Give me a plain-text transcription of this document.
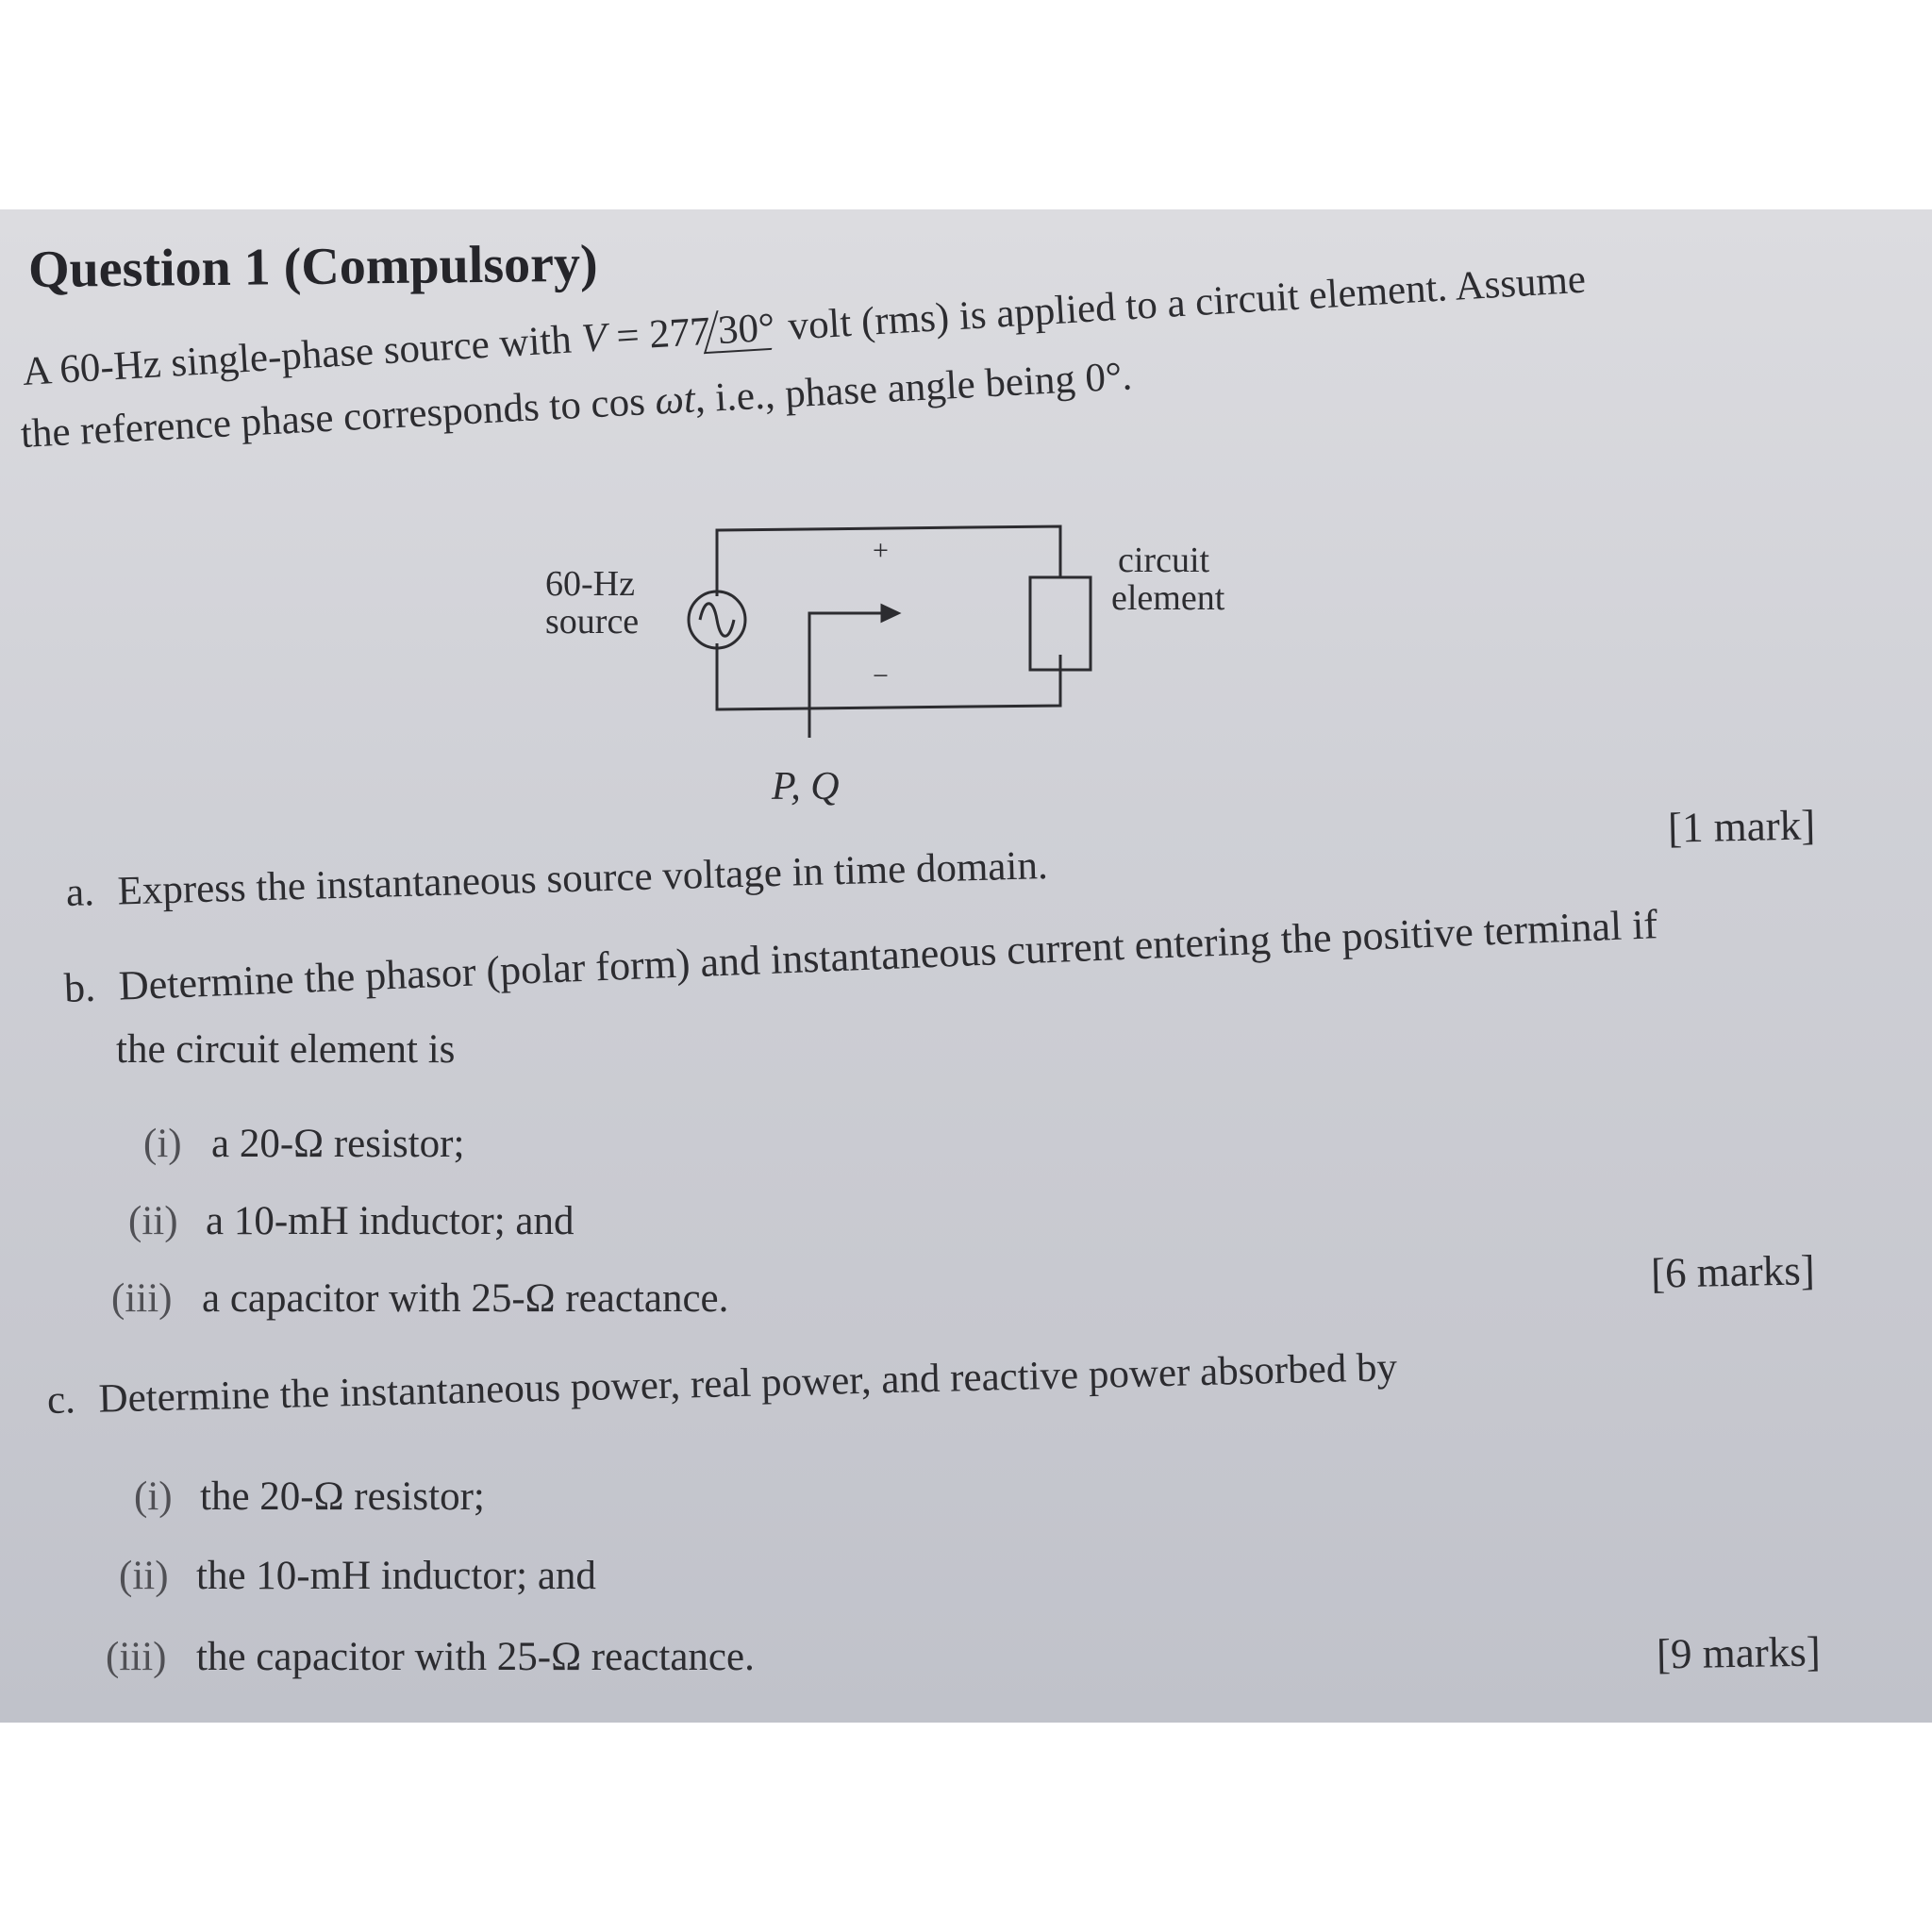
Question 1 (Compulsory)
A 60-Hz single-phase source with V = 277 30° volt (rms) is applied to a circuit element. Assume
the reference phase corresponds to cos ωt, i.e., phase angle being 0°.
60-Hz
source
circuit
element
+
−
P, Q
[1 mark]
a. Express the instantaneous source voltage in time domain.
b. Determine the phasor (polar form) and instantaneous current entering the positive terminal if
the circuit element is
(i) a 20-Ω resistor;
(ii) a 10-mH inductor; and
(iii) a capacitor with 25-Ω reactance.
[6 marks]
c. Determine the instantaneous power, real power, and reactive power absorbed by
(i) the 20-Ω resistor;
(ii) the 10-mH inductor; and
(iii) the capacitor with 25-Ω reactance.	[9 marks]
